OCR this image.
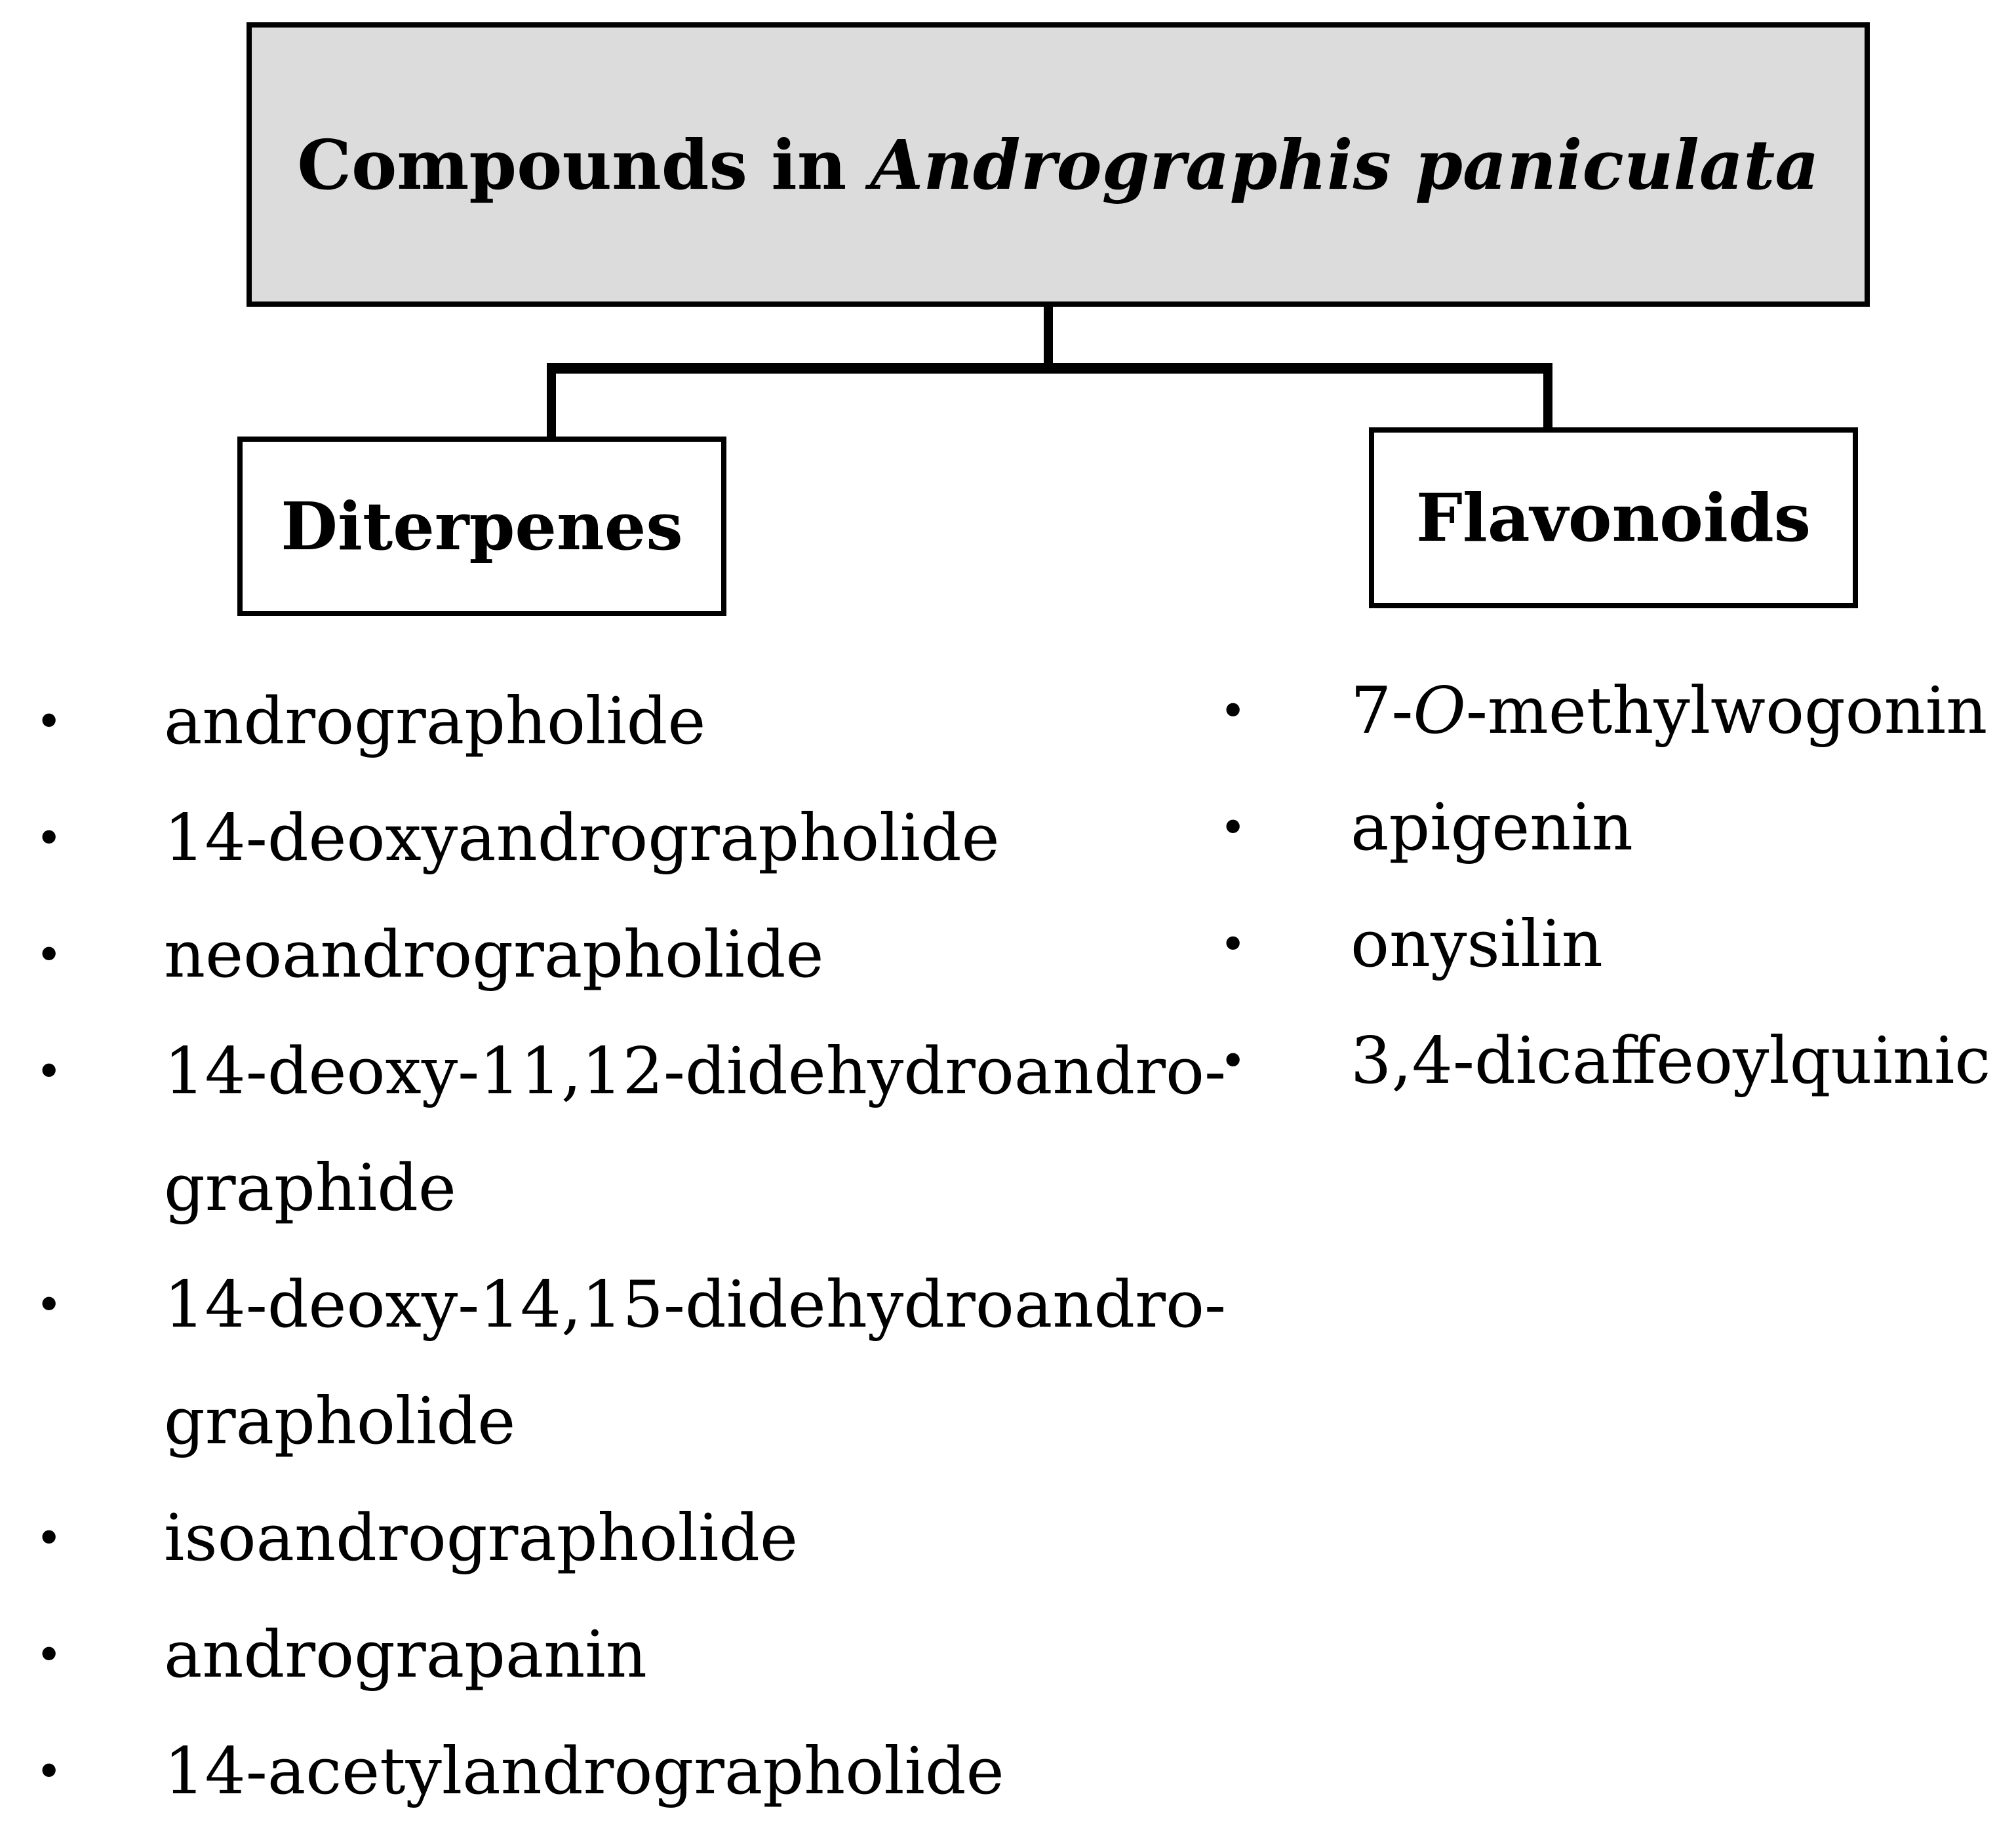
Compounds in
Andrographis paniculata
Diterpenes	Flavonoids
• andrographolide
• 14-deoxyandrographolide
• neoandrographolide
• 14-deoxy-11,12-didehydroandro-
graphide
• 14-deoxy-14,15-didehydroandro-
grapholide
• isoandrographolide
• andrograpanin
• 14-acetylandrographolide
• 7-O-methylwogonin
• apigenin
• onysilin
• 3,4-dicaffeoylquinic
